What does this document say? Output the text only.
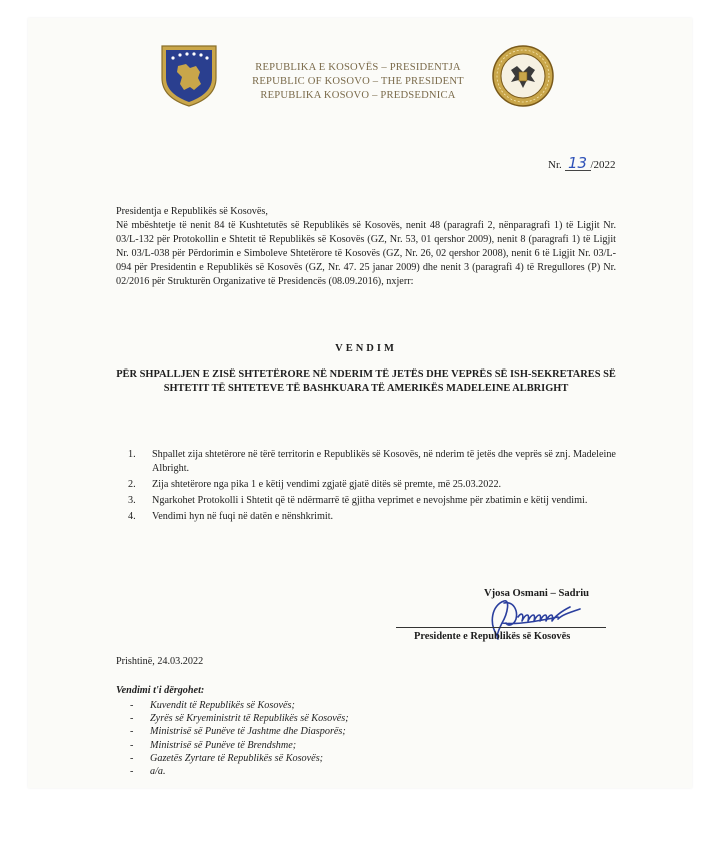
REPUBLIKA E KOSOVËS – PRESIDENTJA
REPUBLIC OF KOSOVO – THE PRESIDENT
REPUBLIKA KOSOVO – PREDSEDNICA
Nr. 13 /2022

Presidentja e Republikës së Kosovës,

Në mbështetje të nenit 84 të Kushtetutës së Republikës së Kosovës, nenit 48 (paragrafi 2, nënparagrafi 1) të Ligjit Nr. 03/L-132 për Protokollin e Shtetit të Republikës së Kosovës (GZ, Nr. 53, 01 qershor 2009), nenit 8 (paragrafi 1) të Ligjit Nr. 03/L-038 për Përdorimin e Simboleve Shtetërore të Kosovës (GZ, Nr. 26, 02 qershor 2008), nenit 6 të Ligjit Nr. 03/L-094 për Presidentin e Republikës së Kosovës (GZ, Nr. 47. 25 janar 2009) dhe nenit 3 (paragrafi 4) të Rregullores (P) Nr. 02/2016 për Strukturën Organizative të Presidencës (08.09.2016), nxjerr:

VENDIM
PËR SHPALLJEN E ZISË SHTETËRORE NË NDERIM TË JETËS DHE VEPRËS SË ISH-SEKRETARES SË SHTETIT TË SHTETEVE TË BASHKUARA TË AMERIKËS MADELEINE ALBRIGHT
1. Shpallet zija shtetërore në tërë territorin e Republikës së Kosovës, në nderim të jetës dhe veprës së znj. Madeleine Albright.
2. Zija shtetërore nga pika 1 e këtij vendimi zgjatë gjatë ditës së premte, më 25.03.2022.
3. Ngarkohet Protokolli i Shtetit që të ndërmarrë të gjitha veprimet e nevojshme për zbatimin e këtij vendimi.
4. Vendimi hyn në fuqi në datën e nënshkrimit.
Vjosa Osmani – Sadriu
Presidente e Republikës së Kosovës
Prishtinë, 24.03.2022
Vendimi t'i dërgohet:
- Kuvendit të Republikës së Kosovës;
- Zyrës së Kryeministrit të Republikës së Kosovës;
- Ministrisë së Punëve të Jashtme dhe Diasporës;
- Ministrisë së Punëve të Brendshme;
- Gazetës Zyrtare të Republikës së Kosovës;
- a/a.
